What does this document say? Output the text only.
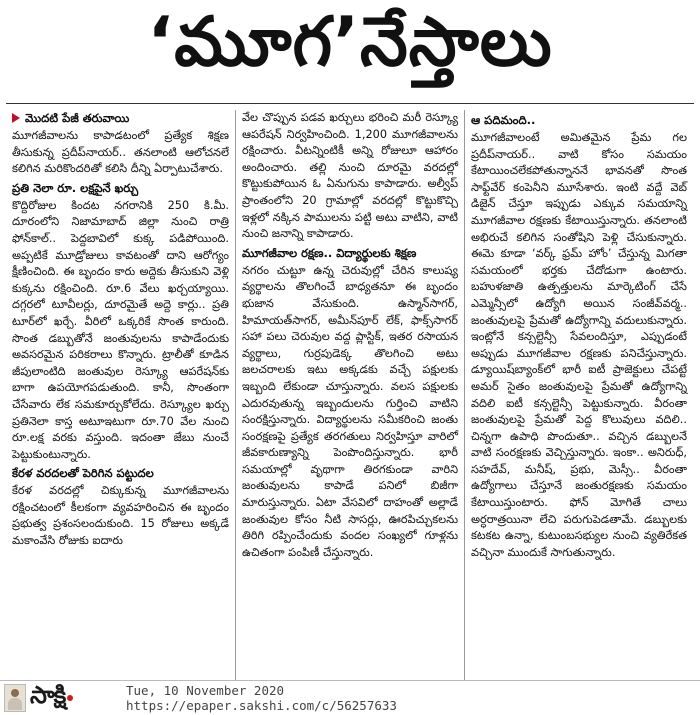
‘మూగ’నేస్తాలు
మొదటి పేజీ తరువాయి

మూగజీవాలను కాపాడటంలో ప్రత్యేక శిక్షణ తీసుకున్న ప్రదీప్‌నాయర్.. తనలాంటి ఆలోచనలే కలిగిన మరికొందరితో కలిసి దీన్ని ఏర్పాటుచేశారు.

ప్రతి నెలా రూ. లక్షపైనే ఖర్చు

కొద్దిరోజుల కిందట నగరానికి 250 కి.మీ. దూరంలోని నిజామాబాద్ జిల్లా నుంచి రాత్రి ఫోన్‌కాల్.. పెద్దబావిలో కుక్క పడిపోయింది. అప్పటికే మూడ్రోజులు కావటంతో దాని ఆరోగ్యం క్షీణించింది. ఈ బృందం కారు అద్దెకు తీసుకుని వెళ్లి కుక్కను రక్షించింది. రూ.6 వేలు ఖర్చయ్యాయి. దగ్గరలో టూవీలర్లు, దూరమైతే అద్దె కార్లు.. ప్రతి టూర్‌లో ఖర్చే. వీరిలో ఒక్కరికే సొంత కారుంది. సొంత డబ్బుతోనే జంతువులను కాపాడేందుకు అవసరమైన పరికరాలు కొన్నారు. ట్రాలీతో కూడిన జీపులాంటిది జంతువుల రెస్క్యూ ఆపరేషన్‌కు బాగా ఉపయోగపడుతుంది. కానీ, సొంతంగా చేసేవారు లేక సమకూర్చుకోలేదు. రెస్క్యూల ఖర్చు ప్రతినెలా కాస్త అటూఇటుగా రూ.70 వేల నుంచి రూ.లక్ష వరకు వస్తుంది. ఇదంతా జేబు నుంచే పెట్టుకుంటున్నారు.

కేరళ వరదలతో పెరిగిన పట్టుదల

కేరళ వరదల్లో చిక్కుకున్న మూగజీవాలను రక్షించటంలో కీలకంగా వ్యవహరించిన ఈ బృందం ప్రభుత్వ ప్రశంసలందుకుంది. 15 రోజులు అక్కడే మకాంవేసి రోజుకు ఐదారు

వేల చొప్పున పడవ ఖర్చులు భరించి మరీ రెస్క్యూ ఆపరేషన్ నిర్వహించింది. 1,200 మూగజీవాలను రక్షించారు. వీటన్నింటికీ అన్ని రోజులూ ఆహారం అందించారు. తల్లి నుంచి దూరమై వరదల్లో కొట్టుకుపోయిన ఓ ఏనుగును కాపాడారు. అల్వీప్ ప్రాంతంలోని 20 గ్రామాల్లో వరదల్లో కొట్టుకొచ్చి ఇళ్లలో నక్కిన పాములను పట్టి అటు వాటిని, వాటి నుంచి జనాన్ని కాపాడారు.

మూగజీవాల రక్షణ.. విద్యార్థులకు శిక్షణ

నగరం చుట్టూ ఉన్న చెరువుల్లో చేరిన కాలుష్య వ్యర్థాలను తొలగించే బాధ్యతనూ ఈ బృందం భుజాన వేసుకుంది. ఉస్మాన్‌సాగర్, హిమాయత్‌సాగర్, అమీన్‌పూర్ లేక్, ఫాక్స్‌సాగర్ సహా పలు చెరువుల వద్ద ప్లాస్టిక్, ఇతర రసాయన వ్యర్థాలు, గుర్రపుడెక్క తొలగించి అటు జలచరాలకు ఇటు అక్కడకు వచ్చే పక్షులకు ఇబ్బంది లేకుండా చూస్తున్నారు. వలస పక్షులకు ఎదురవుతున్న ఇబ్బందులను గుర్తించి వాటిని సంరక్షిస్తున్నారు. విద్యార్థులను సమీకరించి జంతు సంరక్షణపై ప్రత్యేక తరగతులు నిర్వహిస్తూ వారిలో జీవకారుణ్యాన్ని పెంపొందిస్తున్నారు. భారీ సమయాల్లో వృథాగా తిరగకుండా వారిని జంతువులను కాపాడే పనిలో బిజీగా మారుస్తున్నారు. ఏటా వేసవిలో దాహంతో అల్లాడే జంతువుల కోసం నీటి సాసర్లు, ఊరపిచ్చుకలను తిరిగి రప్పించేందుకు వందల సంఖ్యలో గూళ్లను ఉచితంగా పంపిణీ చేస్తున్నారు.

ఆ పదిమంది..

మూగజీవాలంటే అమితమైన ప్రేమ గల ప్రదీప్‌నాయర్.. వాటి కోసం సమయం కేటాయించలేకపోతున్నాననే భావనతో సొంత సాఫ్ట్‌వేర్ కంపెనీని మూసేశారు. ఇంటి వద్దే వెబ్ డిజైన్ చేస్తూ ఇప్పుడు ఎక్కువ సమయాన్ని మూగజీవాల రక్షణకు కేటాయిస్తున్నారు. తనలాంటి అభిరుచే కలిగిన సంతోషిని పెళ్లి చేసుకున్నారు. ఈమె కూడా ‘వర్క్ ఫ్రమ్ హోం’ చేస్తున్న మిగతా సమయంలో భర్తకు చేదోడుగా ఉంటారు. బహుళజాతి ఉత్పత్తులను మార్కెటింగ్ చేసే ఎమ్మెన్సీలో ఉద్యోగి అయిన సంజీవ్‌వర్మ.. జంతువులపై ప్రేమతో ఉద్యోగాన్ని వదులుకున్నారు. ఇంట్లోనే కన్సల్టెన్సీ సేవలందిస్తూ, ఎప్పుడంటే అప్పుడు మూగజీవాల రక్షణకు పనిచేస్తున్నారు. డ్యూయిష్‌బ్యాంక్‌లో భారీ ఐటీ ప్రాజెక్టులు చేపట్టే అమర్ సైతం జంతువులపై ప్రేమతో ఉద్యోగాన్ని వదిలి ఐటీ కన్సల్టెన్సీ పెట్టుకున్నారు. వీరంతా జంతువులపై ప్రేమతో పెద్ద కొలువులు వదిలి.. చిన్నగా ఉపాధి పొందుతూ.. వచ్చిన డబ్బులనే వాటి సంరక్షణకు వెచ్చిస్తున్నారు. ఇంకా.. అనిరుధ్, సహదేవ్, మనీష్, ప్రభు, మెస్సీ.. వీరంతా ఉద్యోగాలు చేస్తూనే జంతురక్షణకు సమయం కేటాయిస్తుంటారు. ఫోన్ మోగితే చాలు అర్ధరాత్రయినా లేచి పరుగుపెడతామే. డబ్బులకు కటకట ఉన్నా, కుటుంబసభ్యుల నుంచి వ్యతిరేకత వచ్చినా ముందుకే సాగుతున్నారు.

సాక్షి	Tue, 10 November 2020
https://epaper.sakshi.com/c/56257633
